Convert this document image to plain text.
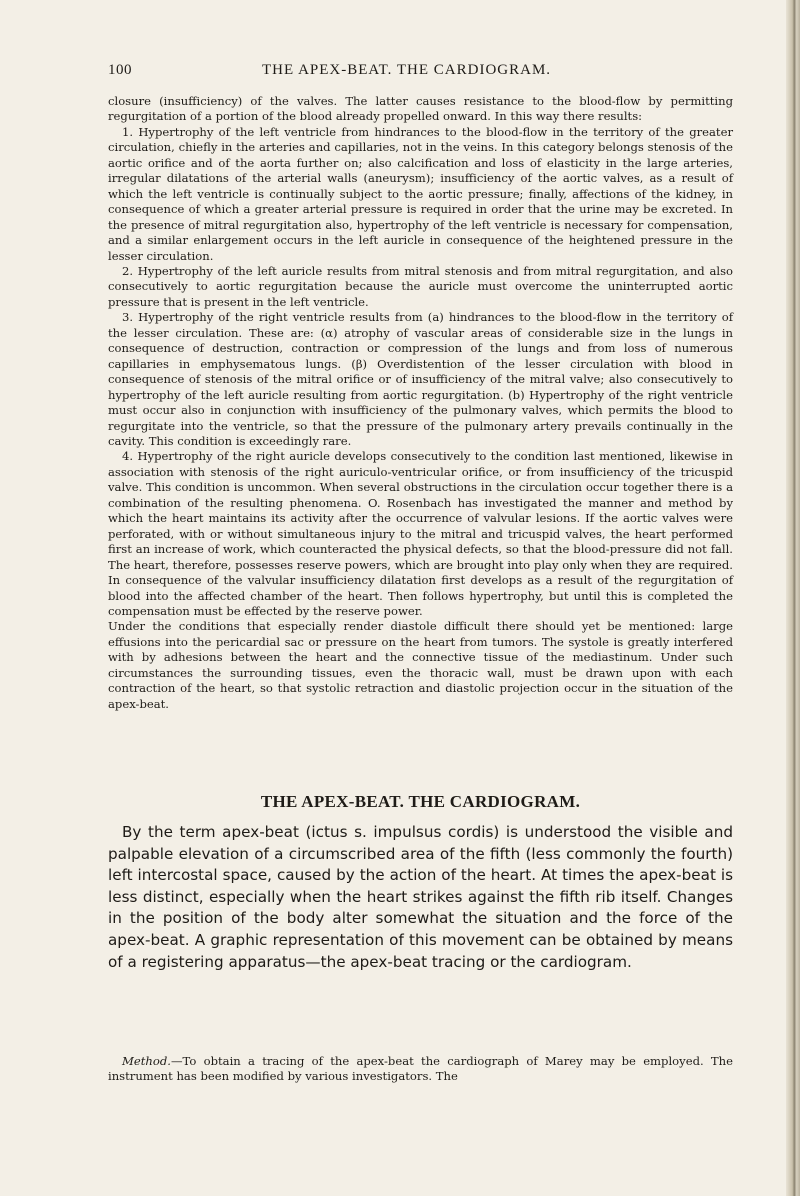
100	THE APEX-BEAT. THE CARDIOGRAM.

closure (insufficiency) of the valves. The latter causes resistance to the blood-flow by permitting regurgitation of a portion of the blood already propelled onward. In this way there results:

1. Hypertrophy of the left ventricle from hindrances to the blood-flow in the territory of the greater circulation, chiefly in the arteries and capillaries, not in the veins. In this category belongs stenosis of the aortic orifice and of the aorta further on; also calcification and loss of elasticity in the large arteries, irregular dilatations of the arterial walls (aneurysm); insufficiency of the aortic valves, as a result of which the left ventricle is continually subject to the aortic pressure; finally, affections of the kidney, in consequence of which a greater arterial pressure is required in order that the urine may be excreted. In the presence of mitral regurgitation also, hypertrophy of the left ventricle is necessary for compensation, and a similar enlargement occurs in the left auricle in consequence of the heightened pressure in the lesser circulation.

2. Hypertrophy of the left auricle results from mitral stenosis and from mitral regurgitation, and also consecutively to aortic regurgitation because the auricle must overcome the uninterrupted aortic pressure that is present in the left ventricle.

3. Hypertrophy of the right ventricle results from (a) hindrances to the blood-flow in the territory of the lesser circulation. These are: (α) atrophy of vascular areas of considerable size in the lungs in consequence of destruction, contraction or compression of the lungs and from loss of numerous capillaries in emphysematous lungs. (β) Overdistention of the lesser circulation with blood in consequence of stenosis of the mitral orifice or of insufficiency of the mitral valve; also consecutively to hypertrophy of the left auricle resulting from aortic regurgitation. (b) Hypertrophy of the right ventricle must occur also in conjunction with insufficiency of the pulmonary valves, which permits the blood to regurgitate into the ventricle, so that the pressure of the pulmonary artery prevails continually in the cavity. This condition is exceedingly rare.

4. Hypertrophy of the right auricle develops consecutively to the condition last mentioned, likewise in association with stenosis of the right auriculo-ventricular orifice, or from insufficiency of the tricuspid valve. This condition is uncommon. When several obstructions in the circulation occur together there is a combination of the resulting phenomena. O. Rosenbach has investigated the manner and method by which the heart maintains its activity after the occurrence of valvular lesions. If the aortic valves were perforated, with or without simultaneous injury to the mitral and tricuspid valves, the heart performed first an increase of work, which counteracted the physical defects, so that the blood-pressure did not fall. The heart, therefore, possesses reserve powers, which are brought into play only when they are required. In consequence of the valvular insufficiency dilatation first develops as a result of the regurgitation of blood into the affected chamber of the heart. Then follows hypertrophy, but until this is completed the compensation must be effected by the reserve power.

Under the conditions that especially render diastole difficult there should yet be mentioned: large effusions into the pericardial sac or pressure on the heart from tumors. The systole is greatly interfered with by adhesions between the heart and the connective tissue of the mediastinum. Under such circumstances the surrounding tissues, even the thoracic wall, must be drawn upon with each contraction of the heart, so that systolic retraction and diastolic projection occur in the situation of the apex-beat.

THE APEX-BEAT. THE CARDIOGRAM.

By the term apex-beat (ictus s. impulsus cordis) is understood the visible and palpable elevation of a circumscribed area of the fifth (less commonly the fourth) left intercostal space, caused by the action of the heart. At times the apex-beat is less distinct, especially when the heart strikes against the fifth rib itself. Changes in the position of the body alter somewhat the situation and the force of the apex-beat. A graphic representation of this movement can be obtained by means of a registering apparatus—the apex-beat tracing or the cardiogram.

Method.—To obtain a tracing of the apex-beat the cardiograph of Marey may be employed. The instrument has been modified by various investigators. The
